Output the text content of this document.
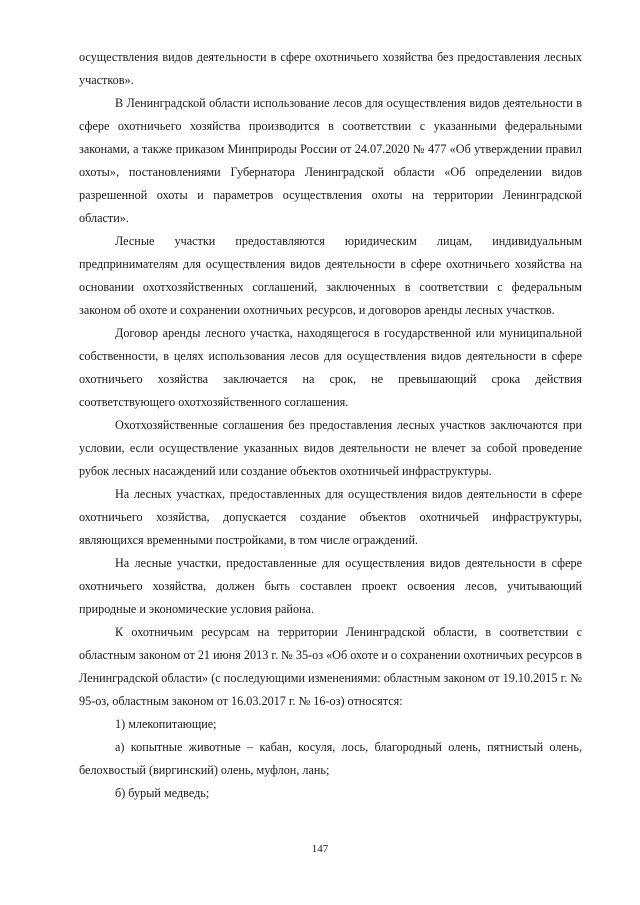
осуществления видов деятельности в сфере охотничьего хозяйства без предоставления лесных участков».

В Ленинградской области использование лесов для осуществления видов деятельности в сфере охотничьего хозяйства производится в соответствии с указанными федеральными законами, а также приказом Минприроды России от 24.07.2020 № 477 «Об утверждении правил охоты», постановлениями Губернатора Ленинградской области «Об определении видов разрешенной охоты и параметров осуществления охоты на территории Ленинградской области».

Лесные участки предоставляются юридическим лицам, индивидуальным предпринимателям для осуществления видов деятельности в сфере охотничьего хозяйства на основании охотхозяйственных соглашений, заключенных в соответствии с федеральным законом об охоте и сохранении охотничьих ресурсов, и договоров аренды лесных участков.

Договор аренды лесного участка, находящегося в государственной или муниципальной собственности, в целях использования лесов для осуществления видов деятельности в сфере охотничьего хозяйства заключается на срок, не превышающий срока действия соответствующего охотхозяйственного соглашения.

Охотхозяйственные соглашения без предоставления лесных участков заключаются при условии, если осуществление указанных видов деятельности не влечет за собой проведение рубок лесных насаждений или создание объектов охотничьей инфраструктуры.

На лесных участках, предоставленных для осуществления видов деятельности в сфере охотничьего хозяйства, допускается создание объектов охотничьей инфраструктуры, являющихся временными постройками, в том числе ограждений.

На лесные участки, предоставленные для осуществления видов деятельности в сфере охотничьего хозяйства, должен быть составлен проект освоения лесов, учитывающий природные и экономические условия района.

К охотничьим ресурсам на территории Ленинградской области, в соответствии с областным законом от 21 июня 2013 г. № 35-оз «Об охоте и о сохранении охотничьих ресурсов в Ленинградской области» (с последующими изменениями: областным законом от 19.10.2015 г. № 95-оз, областным законом от 16.03.2017 г. № 16-оз) относятся:

1) млекопитающие;

а) копытные животные – кабан, косуля, лось, благородный олень, пятнистый олень, белохвостый (виргинский) олень, муфлон, лань;

б) бурый медведь;

147
